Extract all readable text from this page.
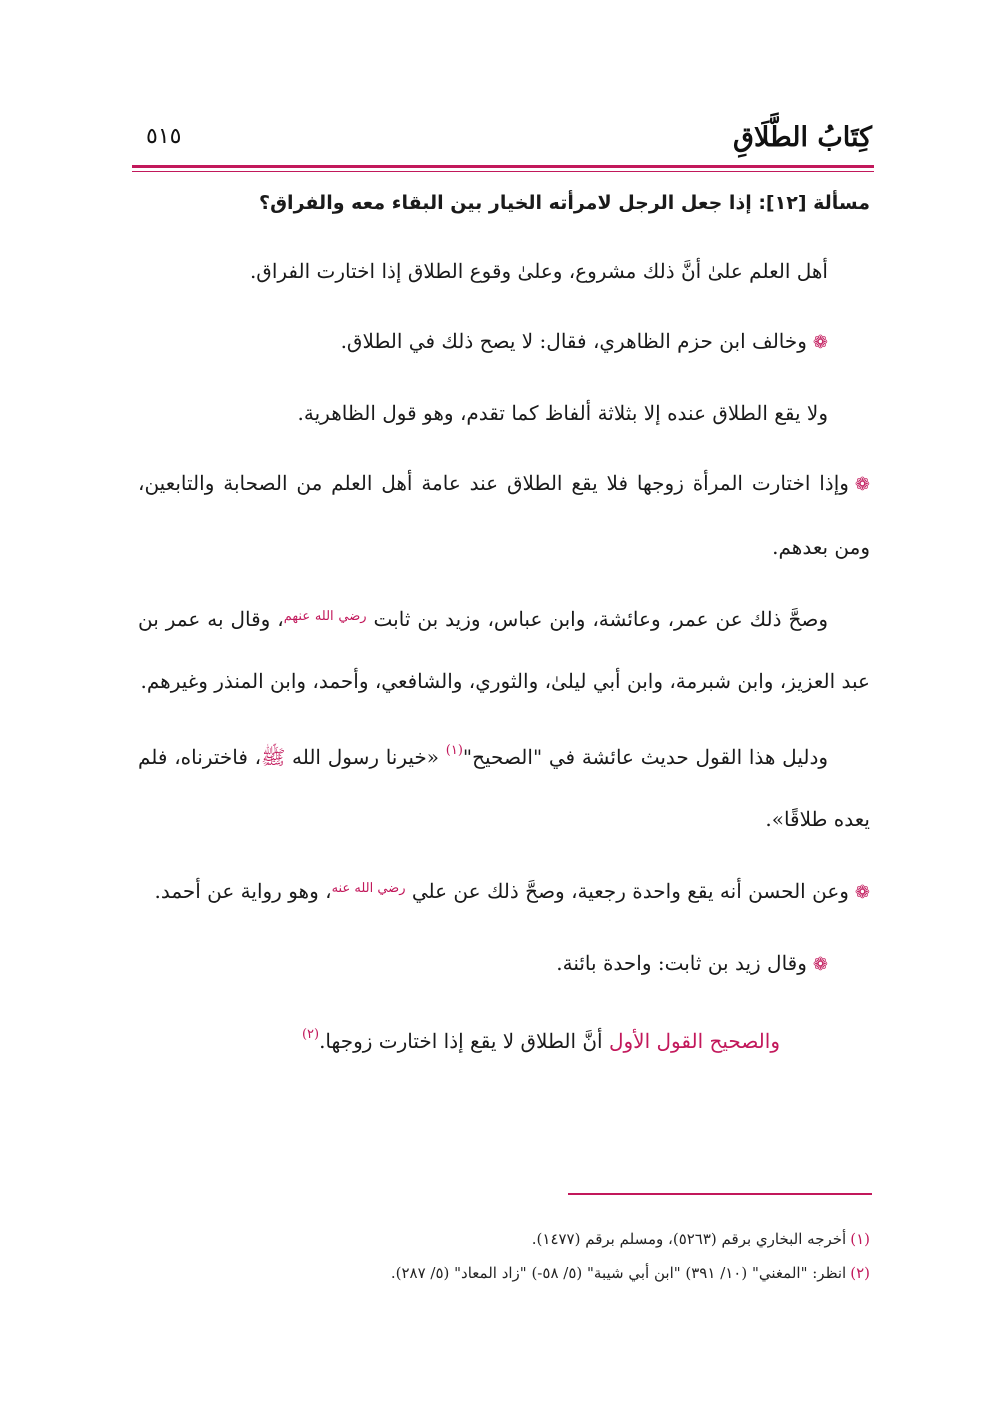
كِتَابُ الطَّلَاقِ
٥١٥
مسألة [١٢]: إذا جعل الرجل لامرأته الخيار بين البقاء معه والفراق؟

أهل العلم علىٰ أنَّ ذلك مشروع، وعلىٰ وقوع الطلاق إذا اختارت الفراق.

❁وخالف ابن حزم الظاهري، فقال: لا يصح ذلك في الطلاق.

ولا يقع الطلاق عنده إلا بثلاثة ألفاظ كما تقدم، وهو قول الظاهرية.

❁وإذا اختارت المرأة زوجها فلا يقع الطلاق عند عامة أهل العلم من الصحابة والتابعين، ومن بعدهم.

وصحَّ ذلك عن عمر، وعائشة، وابن عباس، وزيد بن ثابت $^{رضي الله عنهم}$، وقال به عمر بن عبد العزيز، وابن شبرمة، وابن أبي ليلىٰ، والثوري، والشافعي، وأحمد، وابن المنذر وغيرهم.

ودليل هذا القول حديث عائشة في "الصحيح"$^{(١)}$ «خيرنا رسول الله ﷺ، فاخترناه، فلم يعده طلاقًا».

❁وعن الحسن أنه يقع واحدة رجعية، وصحَّ ذلك عن علي $^{رضي الله عنه}$، وهو رواية عن أحمد.

❁وقال زيد بن ثابت: واحدة بائنة.

والصحيح القول الأول أنَّ الطلاق لا يقع إذا اختارت زوجها.$^{(٢)}$

(١)أخرجه البخاري برقم (٥٢٦٣)، ومسلم برقم (١٤٧٧).
(٢)انظر: "المغني" (١٠/ ٣٩١) "ابن أبي شيبة" (٥/ ٥٨-) "زاد المعاد" (٥/ ٢٨٧).
